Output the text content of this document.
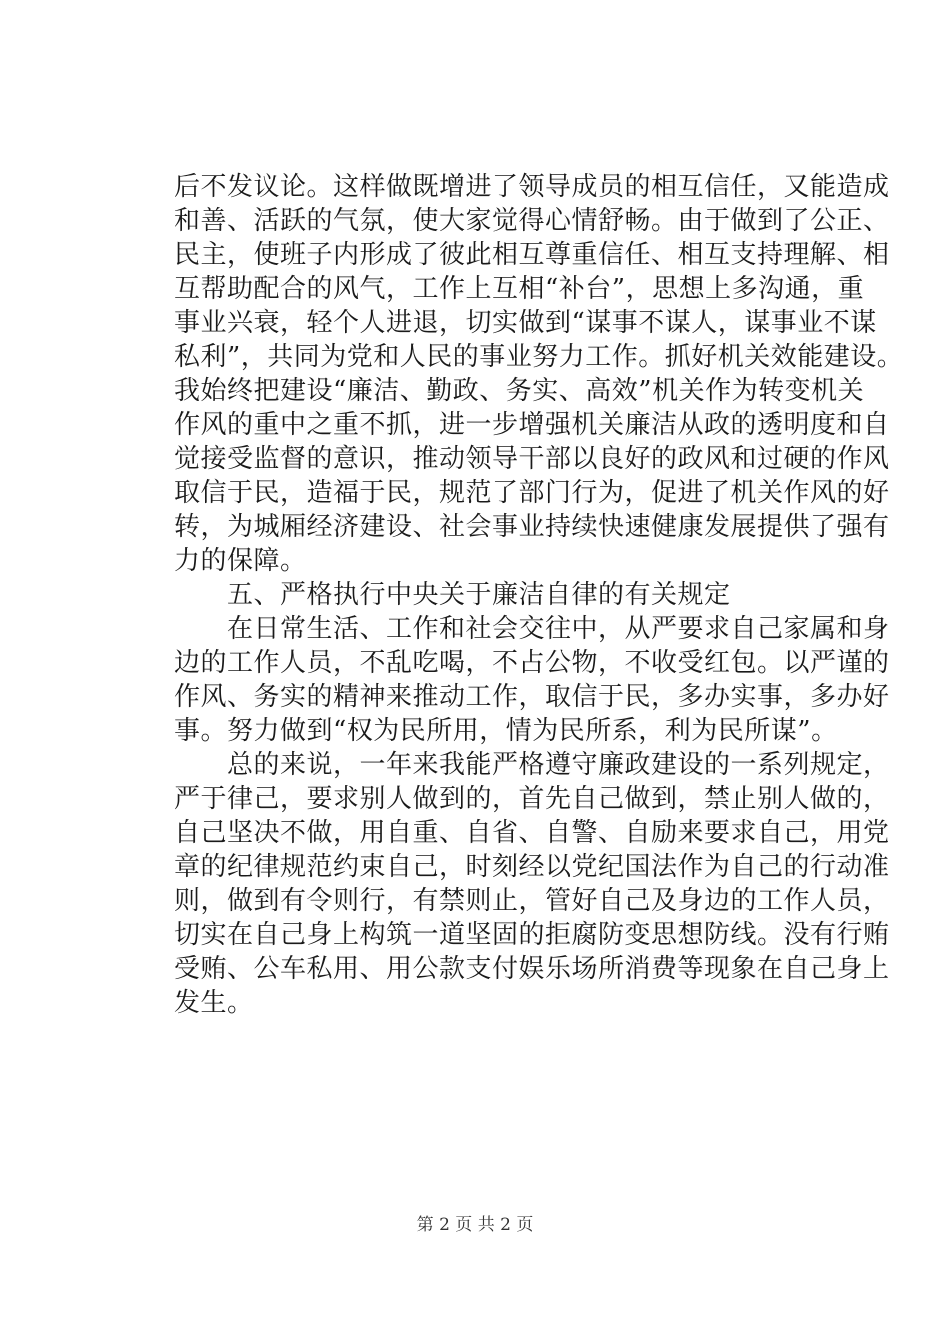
后不发议论。这样做既增进了领导成员的相互信任，又能造成
和善、活跃的气氛，使大家觉得心情舒畅。由于做到了公正、
民主，使班子内形成了彼此相互尊重信任、相互支持理解、相
互帮助配合的风气，工作上互相“补台”，思想上多沟通，重
事业兴衰，轻个人进退，切实做到“谋事不谋人，谋事业不谋
私利”，共同为党和人民的事业努力工作。抓好机关效能建设。
我始终把建设“廉洁、勤政、务实、高效”机关作为转变机关
作风的重中之重不抓，进一步增强机关廉洁从政的透明度和自
觉接受监督的意识，推动领导干部以良好的政风和过硬的作风
取信于民，造福于民，规范了部门行为，促进了机关作风的好
转，为城厢经济建设、社会事业持续快速健康发展提供了强有
力的保障。
　　五、严格执行中央关于廉洁自律的有关规定
　　在日常生活、工作和社会交往中，从严要求自己家属和身
边的工作人员，不乱吃喝，不占公物，不收受红包。以严谨的
作风、务实的精神来推动工作，取信于民，多办实事，多办好
事。努力做到“权为民所用，情为民所系，利为民所谋”。
　　总的来说，一年来我能严格遵守廉政建设的一系列规定，
严于律己，要求别人做到的，首先自己做到，禁止别人做的，
自己坚决不做，用自重、自省、自警、自励来要求自己，用党
章的纪律规范约束自己，时刻经以党纪国法作为自己的行动准
则，做到有令则行，有禁则止，管好自己及身边的工作人员，
切实在自己身上构筑一道坚固的拒腐防变思想防线。没有行贿
受贿、公车私用、用公款支付娱乐场所消费等现象在自己身上
发生。
第 2 页 共 2 页
